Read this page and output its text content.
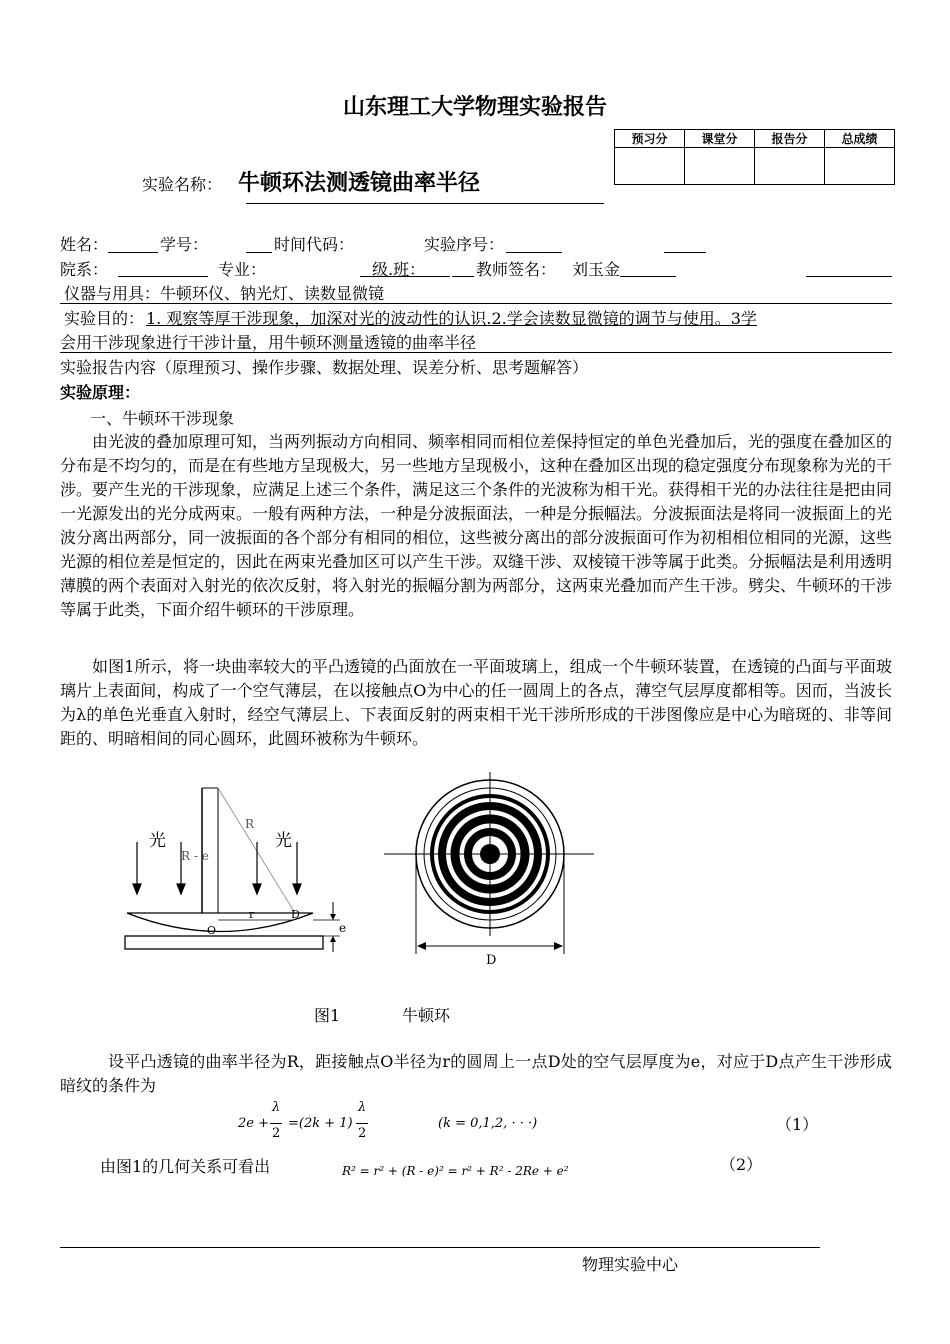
山东理工大学物理实验报告
预习分	课堂分	报告分	总成绩

实验名称： 牛顿环法测透镜曲率半径
姓名：	学号：	时间代码：	实验序号：
院系：	专业：	级.班：	教师签名： 刘玉金
仪器与用具：牛顿环仪、钠光灯、读数显微镜
实验目的： 1. 观察等厚干涉现象，加深对光的波动性的认识.2.学会读数显微镜的调节与使用。3学
会用干涉现象进行干涉计量，用牛顿环测量透镜的曲率半径
实验报告内容（原理预习、操作步骤、数据处理、误差分析、思考题解答）
实验原理：
一、牛顿环干涉现象
由光波的叠加原理可知，当两列振动方向相同、频率相同而相位差保持恒定的单色光叠加后，光的强度在叠加区的分布是不均匀的，而是在有些地方呈现极大，另一些地方呈现极小，这种在叠加区出现的稳定强度分布现象称为光的干涉。要产生光的干涉现象，应满足上述三个条件，满足这三个条件的光波称为相干光。获得相干光的办法往往是把由同一光源发出的光分成两束。一般有两种方法，一种是分波振面法，一种是分振幅法。分波振面法是将同一波振面上的光波分离出两部分，同一波振面的各个部分有相同的相位，这些被分离出的部分波振面可作为初相相位相同的光源，这些光源的相位差是恒定的，因此在两束光叠加区可以产生干涉。双缝干涉、双棱镜干涉等属于此类。分振幅法是利用透明薄膜的两个表面对入射光的依次反射，将入射光的振幅分割为两部分，这两束光叠加而产生干涉。劈尖、牛顿环的干涉等属于此类，下面介绍牛顿环的干涉原理。
如图1所示，将一块曲率较大的平凸透镜的凸面放在一平面玻璃上，组成一个牛顿环装置，在透镜的凸面与平面玻璃片上表面间，构成了一个空气薄层，在以接触点O为中心的任一圆周上的各点，薄空气层厚度都相等。因而，当波长为λ的单色光垂直入射时，经空气薄层上、下表面反射的两束相干光干涉所形成的干涉图像应是中心为暗斑的、非等间距的、明暗相间的同心圆环，此圆环被称为牛顿环。
光	光
R
R - e
r	D
O	e
D
图1	牛顿环
设平凸透镜的曲率半径为R，距接触点O半径为r的圆周上一点D处的空气层厚度为e，对应于D点产生干涉形成暗纹的条件为
2e +
λ
2
=(2k + 1)
λ
2
(k = 0,1,2, · · ·)	（1）
由图1的几何关系可看出	R² = r² + (R - e)² = r² + R² - 2Re + e²	（2）
物理实验中心
